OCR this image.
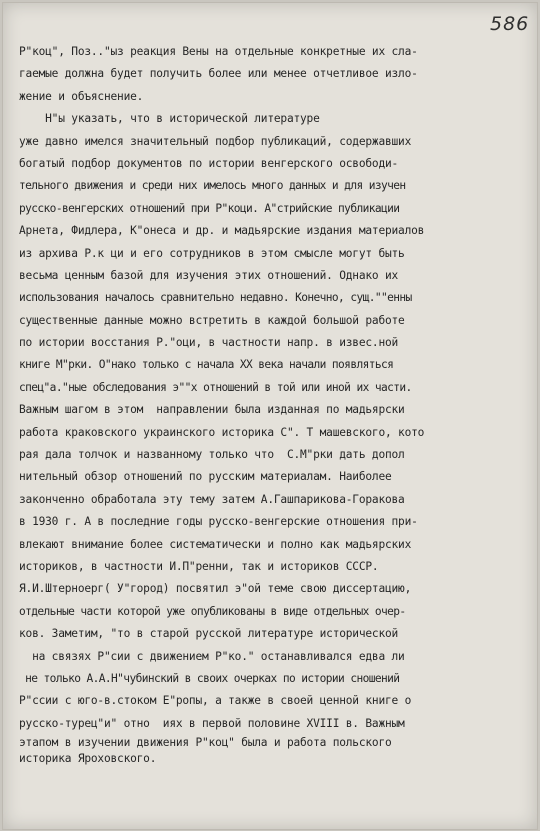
586
Р"коц", Поз.."ыз реакция Вены на отдельные конкретные их сла-
гаемые должна будет получить более или менее отчетливое изло-
жение и объяснение.
Н"ы указать, что в исторической литературе
уже давно имелся значительный подбор публикаций, содержавших
богатый подбор документов по истории венгерского освободи-
тельного движения и среди них имелось много данных и для изучен
русско-венгерских отношений при Р"коци. А"стрийские публикации
Арнета, Фидлера, К"онеса и др. и мадьярские издания материалов
из архива Р.к ци и его сотрудников в этом смысле могут быть
весьма ценным базой для изучения этих отношений. Однако их
использования началось сравнительно недавно. Конечно, сущ.""енны
существенные данные можно встретить в каждой большой работе
по истории восстания Р."оци, в частности напр. в извес.ной
книге М"рки. О"нако только с начала XX века начали появляться
спец"а."ные обследования э""х отношений в той или иной их части.
Важным шагом в этом  направлении была изданная по мадьярски
работа краковского украинского историка С". Т машевского, кото
рая дала толчок и названному только что  С.М"рки дать допол
нительный обзор отношений по русским материалам. Наиболее
законченно обработала эту тему затем А.Гашпарикова-Горакова
в 1930 г. А в последние годы русско-венгерские отношения при-
влекают внимание более систематически и полно как мадьярских
историков, в частности И.П"ренни, так и историков СССР.
Я.И.Штерноерг( У"город) посвятил э"ой теме свою диссертацию,
отдельные части которой уже опубликованы в виде отдельных очер-
ков. Заметим, "то в старой русской литературе исторической
на связях Р"сии с движением Р"ко." останавливался едва ли
не только А.А.Н"чубинский в своих очерках по истории сношений
Р"ссии с юго-в.стоком Е"ропы, а также в своей ценной книге о
русско-турец"и" отно  иях в первой половине XVIII в. Важным
этапом в изучении движения Р"коц" была и работа польского
историка Яроховского.
